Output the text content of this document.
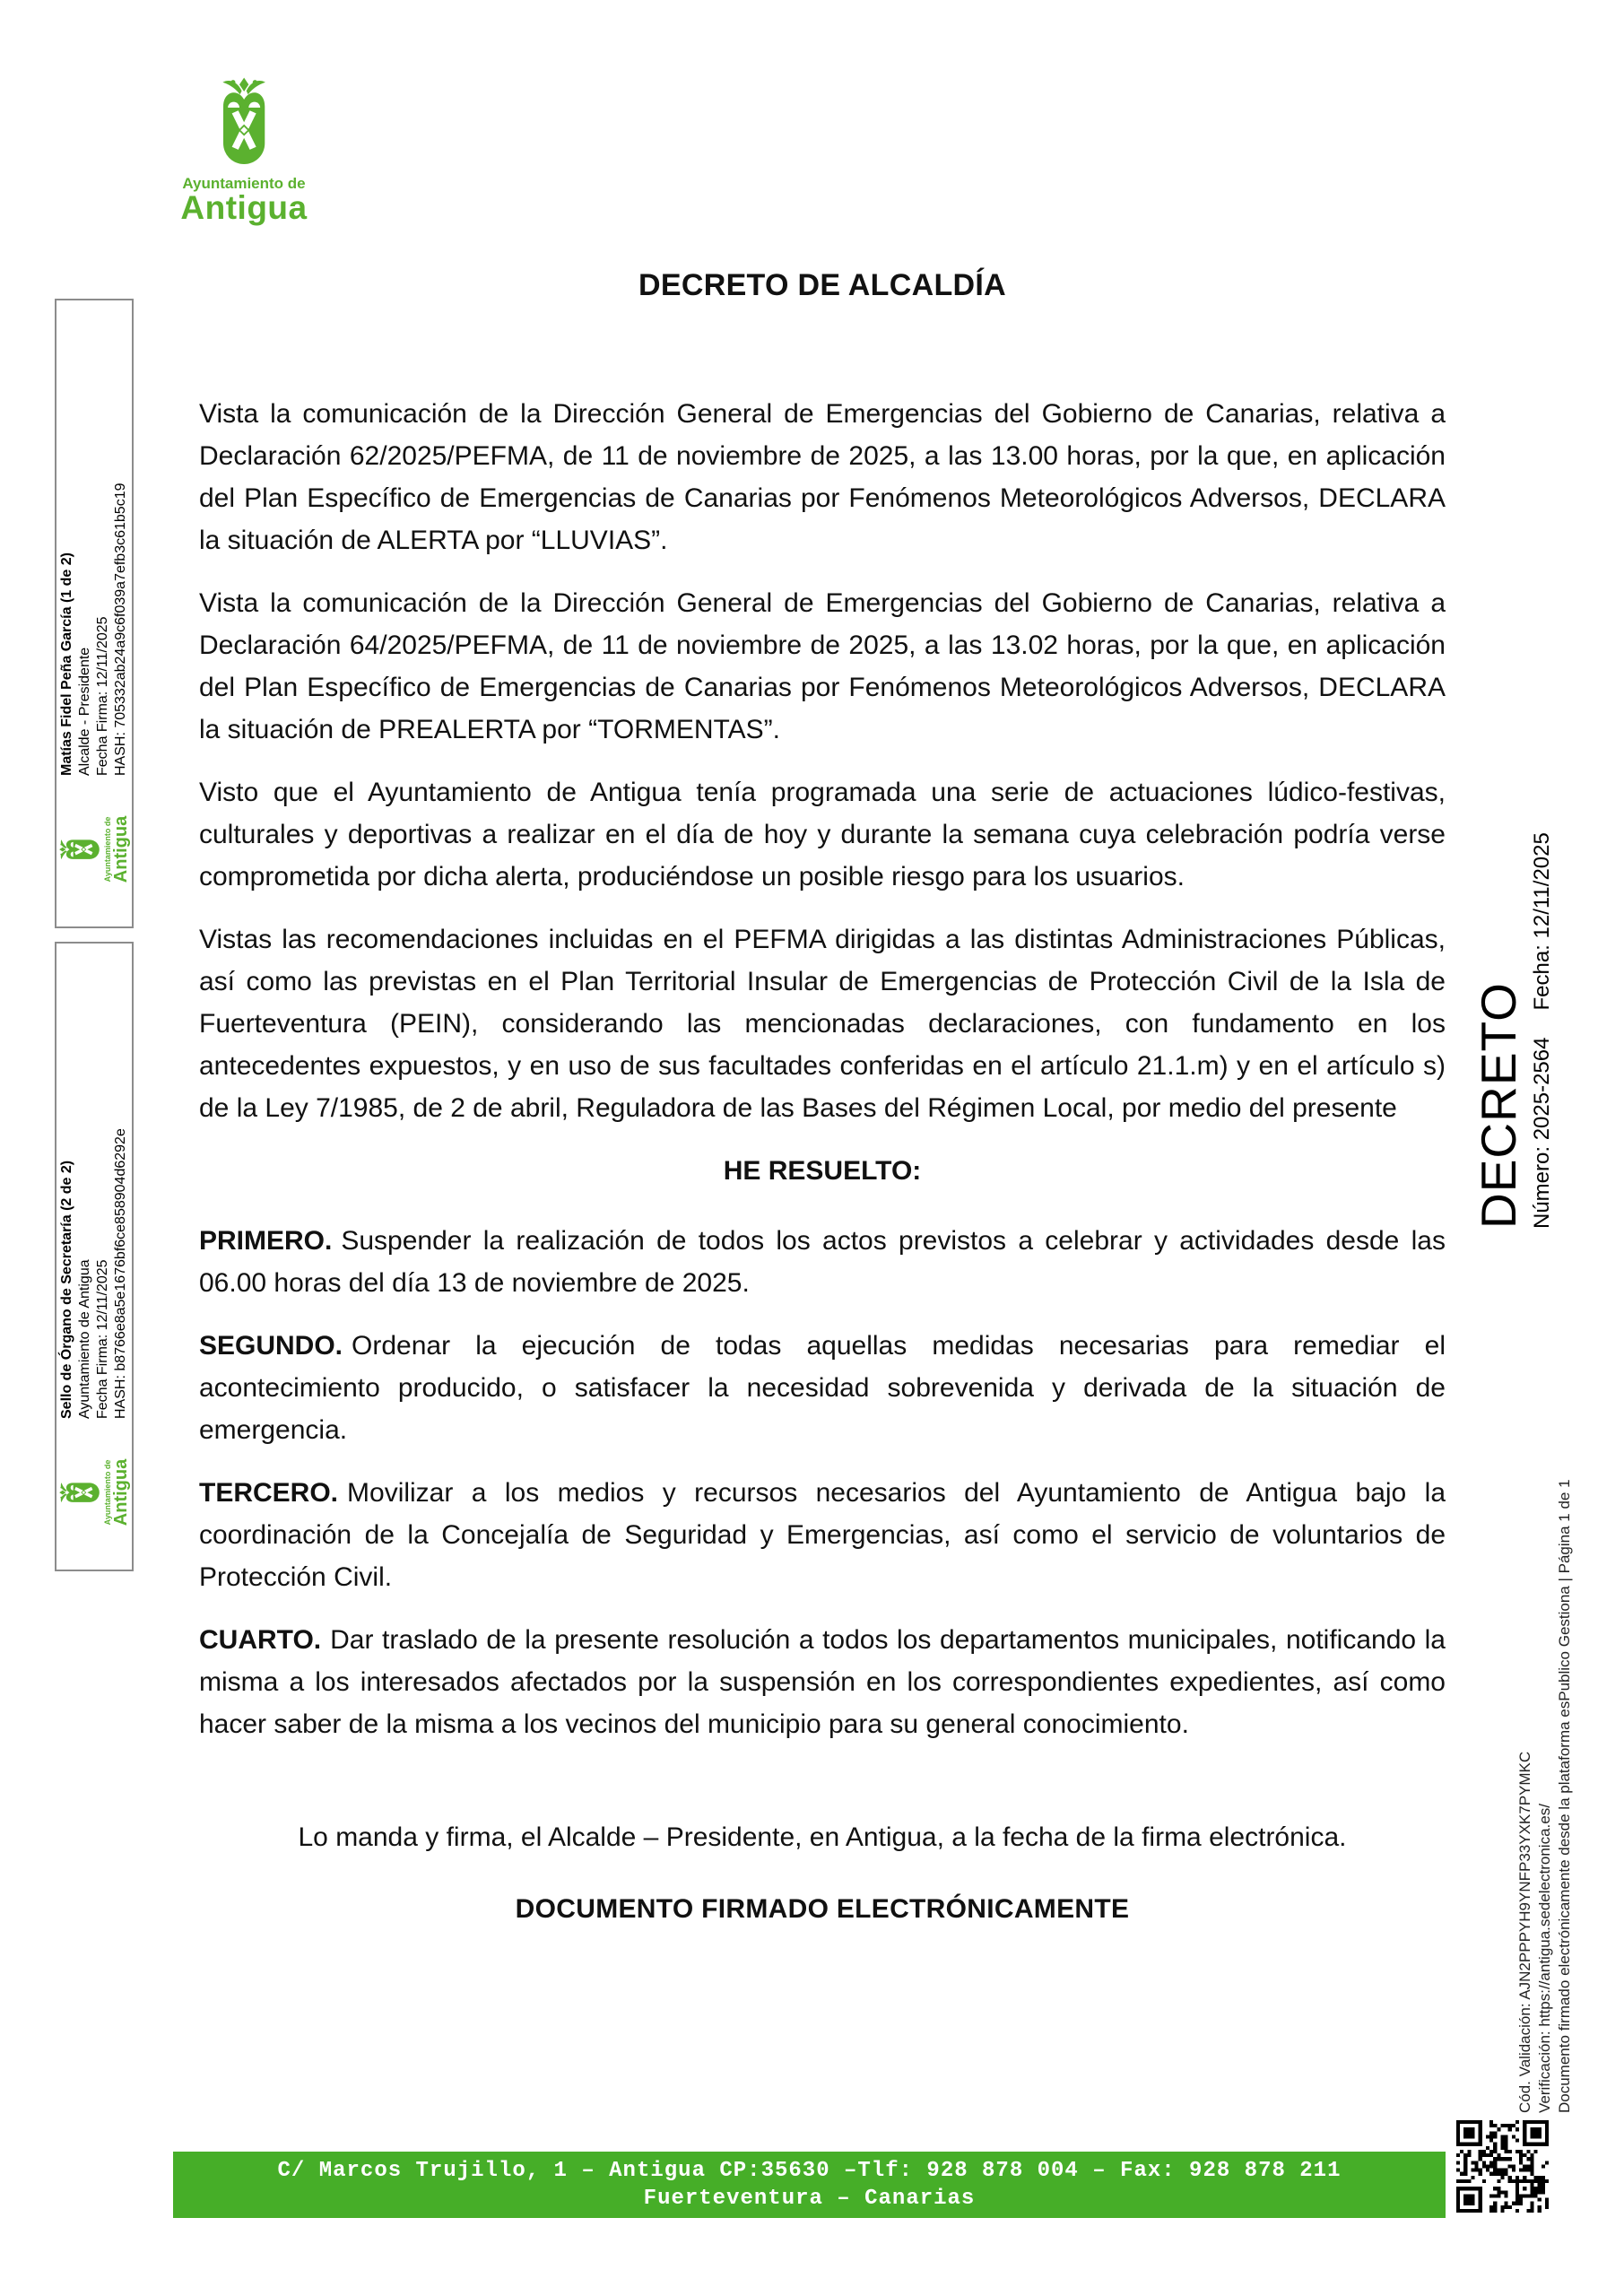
Ayuntamiento de
Antigua
DECRETO DE ALCALDÍA

Vista la comunicación de la Dirección General de Emergencias del Gobierno de Canarias, relativa a Declaración 62/2025/PEFMA, de 11 de noviembre de 2025, a las 13.00 horas, por la que, en aplicación del Plan Específico de Emergencias de Canarias por Fenómenos Meteorológicos Adversos, DECLARA la situación de ALERTA por “LLUVIAS”.

Vista la comunicación de la Dirección General de Emergencias del Gobierno de Canarias, relativa a Declaración 64/2025/PEFMA, de 11 de noviembre de 2025, a las 13.02 horas, por la que, en aplicación del Plan Específico de Emergencias de Canarias por Fenómenos Meteorológicos Adversos, DECLARA la situación de PREALERTA por “TORMENTAS”.

Visto que el Ayuntamiento de Antigua tenía programada una serie de actuaciones lúdico-festivas, culturales y deportivas a realizar en el día de hoy y durante la semana cuya celebración podría verse comprometida por dicha alerta, produciéndose un posible riesgo para los usuarios.

Vistas las recomendaciones incluidas en el PEFMA dirigidas a las distintas Administraciones Públicas, así como las previstas en el Plan Territorial Insular de Emergencias de Protección Civil de la Isla de Fuerteventura (PEIN), considerando las mencionadas declaraciones, con fundamento en los antecedentes expuestos, y en uso de sus facultades conferidas en el artículo 21.1.m) y en el artículo s) de la Ley 7/1985, de 2 de abril, Reguladora de las Bases del Régimen Local, por medio del presente

HE RESUELTO:

PRIMERO. Suspender la realización de todos los actos previstos a celebrar y actividades desde las 06.00 horas del día 13 de noviembre de 2025.

SEGUNDO. Ordenar la ejecución de todas aquellas medidas necesarias para remediar el acontecimiento producido, o satisfacer la necesidad sobrevenida y derivada de la situación de emergencia.

TERCERO. Movilizar a los medios y recursos necesarios del Ayuntamiento de Antigua bajo la coordinación de la Concejalía de Seguridad y Emergencias, así como el servicio de voluntarios de Protección Civil.

CUARTO. Dar traslado de la presente resolución a todos los departamentos municipales, notificando la misma a los interesados afectados por la suspensión en los correspondientes expedientes, así como hacer saber de la misma a los vecinos del municipio para su general conocimiento.

Lo manda y firma, el Alcalde – Presidente, en Antigua, a la fecha de la firma electrónica.

DOCUMENTO FIRMADO ELECTRÓNICAMENTE

Ayuntamiento de Antigua
Matías Fidel Peña García (1 de 2) Alcalde - Presidente Fecha Firma: 12/11/2025 HASH: 705332ab24a9c6f039a7efb3c61b5c19
Ayuntamiento de Antigua
Sello de Órgano de Secretaría (2 de 2) Ayuntamiento de Antigua Fecha Firma: 12/11/2025 HASH: b8766e8a5e1676bf6ce858904d6292e
DECRETO Número: 2025-2564
Fecha: 12/11/2025
Cód. Validación: AJN2PPPYH9YNFP33YXK7PYMKC Verificación: https://antigua.sedelectronica.es/ Documento firmado electrónicamente desde la plataforma esPublico Gestiona | Página 1 de 1
C/ Marcos Trujillo, 1 – Antigua CP:35630 –Tlf: 928 878 004 – Fax: 928 878 211
Fuerteventura – Canarias
